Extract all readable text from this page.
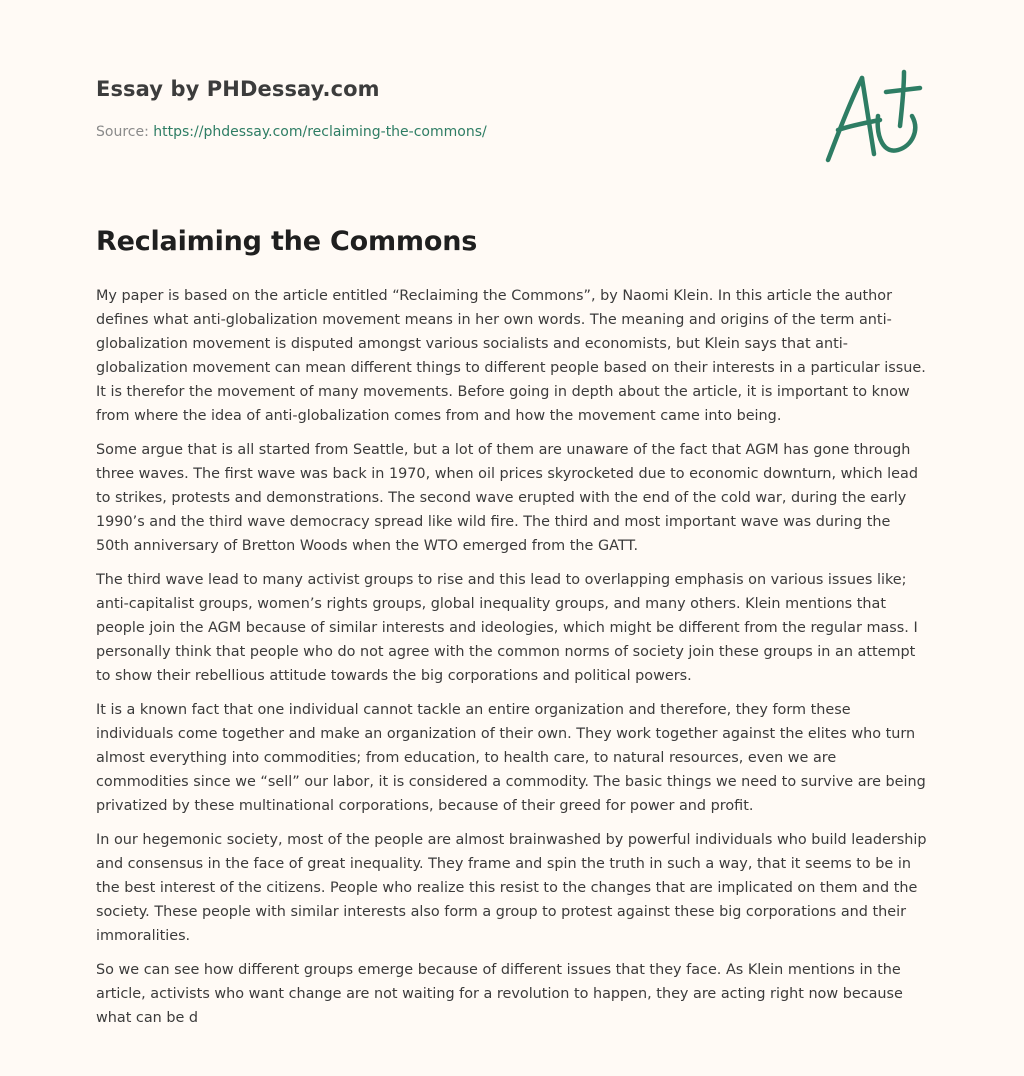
Essay by PHDessay.com
Source: https://phdessay.com/reclaiming-the-commons/
Reclaiming the Commons

My paper is based on the article entitled “Reclaiming the Commons”, by Naomi Klein. In this article the author defines what anti-globalization movement means in her own words. The meaning and origins of the term anti-globalization movement is disputed amongst various socialists and economists, but Klein says that anti-globalization movement can mean different things to different people based on their interests in a particular issue. It is therefor the movement of many movements. Before going in depth about the article, it is important to know from where the idea of anti-globalization comes from and how the movement came into being.

Some argue that is all started from Seattle, but a lot of them are unaware of the fact that AGM has gone through three waves. The first wave was back in 1970, when oil prices skyrocketed due to economic downturn, which lead to strikes, protests and demonstrations. The second wave erupted with the end of the cold war, during the early 1990’s and the third wave democracy spread like wild fire. The third and most important wave was during the 50th anniversary of Bretton Woods when the WTO emerged from the GATT.

The third wave lead to many activist groups to rise and this lead to overlapping emphasis on various issues like; anti-capitalist groups, women’s rights groups, global inequality groups, and many others. Klein mentions that people join the AGM because of similar interests and ideologies, which might be different from the regular mass. I personally think that people who do not agree with the common norms of society join these groups in an attempt to show their rebellious attitude towards the big corporations and political powers.

It is a known fact that one individual cannot tackle an entire organization and therefore, they form these individuals come together and make an organization of their own. They work together against the elites who turn almost everything into commodities; from education, to health care, to natural resources, even we are commodities since we “sell” our labor, it is considered a commodity. The basic things we need to survive are being privatized by these multinational corporations, because of their greed for power and profit.

In our hegemonic society, most of the people are almost brainwashed by powerful individuals who build leadership and consensus in the face of great inequality. They frame and spin the truth in such a way, that it seems to be in the best interest of the citizens. People who realize this resist to the changes that are implicated on them and the society. These people with similar interests also form a group to protest against these big corporations and their immoralities.

So we can see how different groups emerge because of different issues that they face. As Klein mentions in the article, activists who want change are not waiting for a revolution to happen, they are acting right now because what can be d
